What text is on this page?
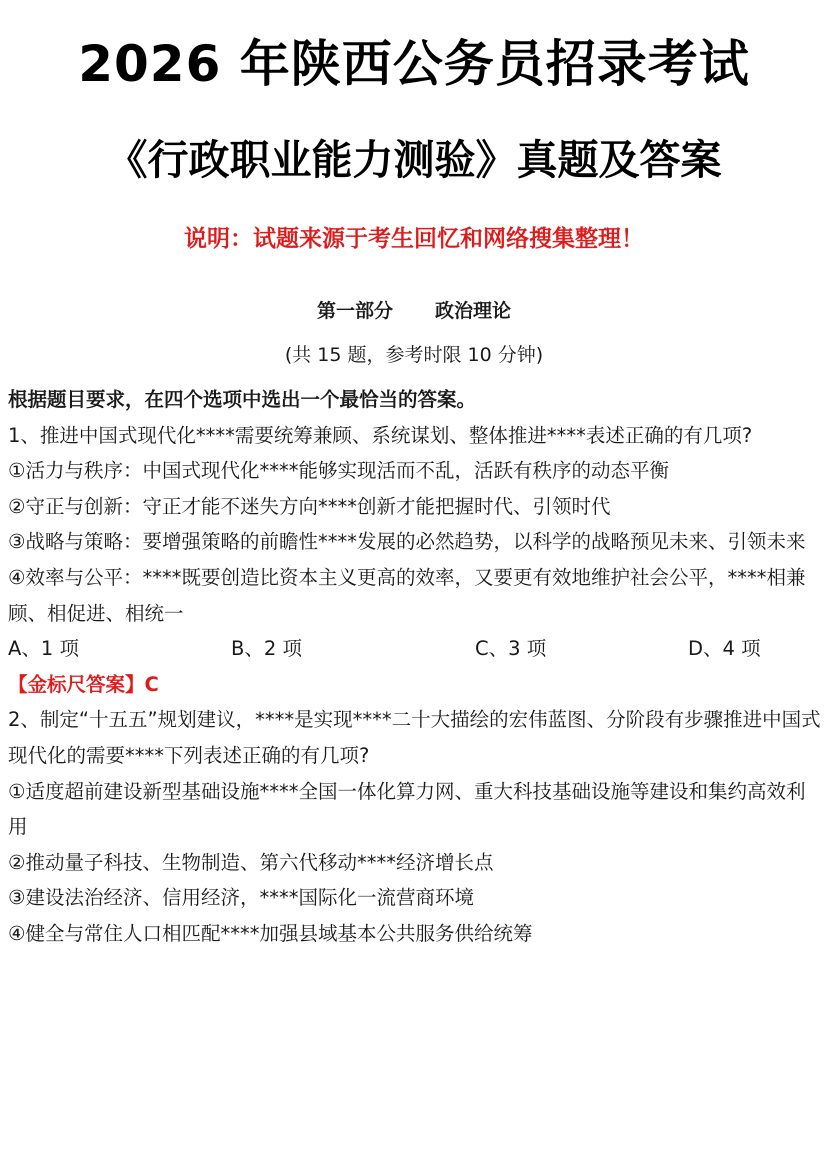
2026 年陕西公务员招录考试
《行政职业能力测验》真题及答案
说明：试题来源于考生回忆和网络搜集整理！
第一部分 政治理论
(共 15 题，参考时限 10 分钟)

根据题目要求，在四个选项中选出一个最恰当的答案。

1、推进中国式现代化****需要统筹兼顾、系统谋划、整体推进****表述正确的有几项?

①活力与秩序：中国式现代化****能够实现活而不乱，活跃有秩序的动态平衡

②守正与创新：守正才能不迷失方向****创新才能把握时代、引领时代

③战略与策略：要增强策略的前瞻性****发展的必然趋势，以科学的战略预见未来、引领未来

④效率与公平：****既要创造比资本主义更高的效率，又要更有效地维护社会公平，****相兼顾、相促进、相统一

A、1 项	B、2 项	C、3 项	D、4 项

【金标尺答案】C

2、制定“十五五”规划建议，****是实现****二十大描绘的宏伟蓝图、分阶段有步骤推进中国式现代化的需要****下列表述正确的有几项?

①适度超前建设新型基础设施****全国一体化算力网、重大科技基础设施等建设和集约高效利用

②推动量子科技、生物制造、第六代移动****经济增长点

③建设法治经济、信用经济，****国际化一流营商环境

④健全与常住人口相匹配****加强县域基本公共服务供给统筹
